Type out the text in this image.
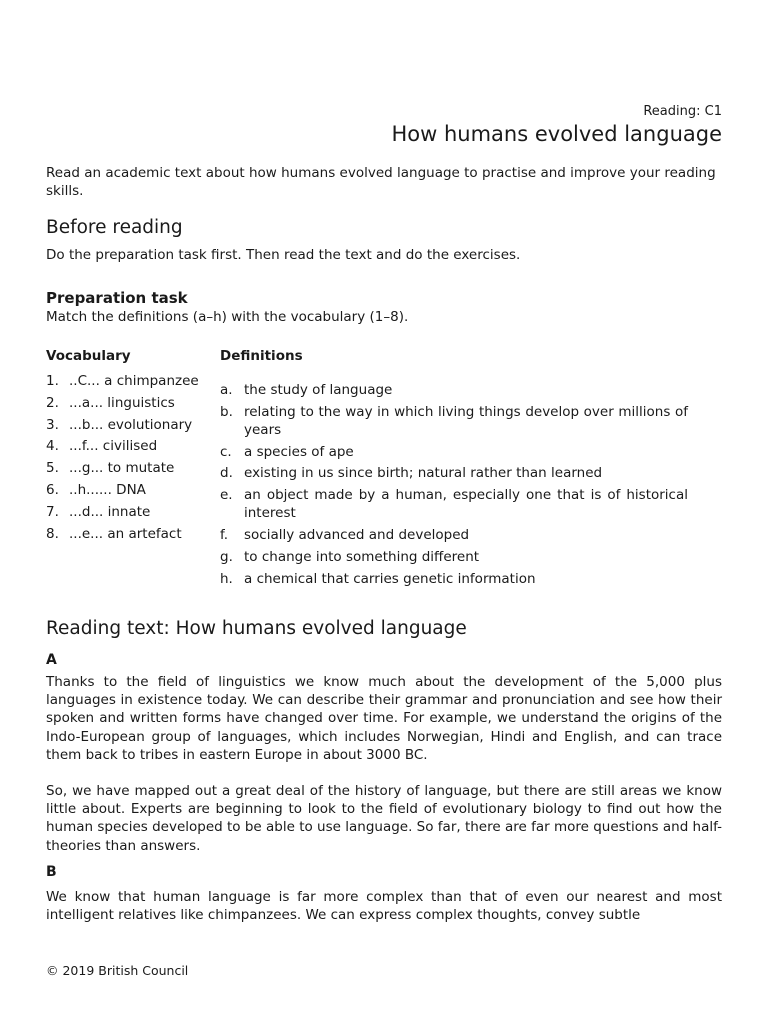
Reading: C1
How humans evolved language

Read an academic text about how humans evolved language to practise and improve your reading skills.

Before reading

Do the preparation task first. Then read the text and do the exercises.

Preparation task

Match the definitions (a–h) with the vocabulary (1–8).

Vocabulary	Definitions
1. ..C... a chimpanzee
2. ...a... linguistics
3. ...b... evolutionary
4. ...f... civilised
5. ...g... to mutate
6. ..h...... DNA
7. ...d... innate
8. ...e... an artefact
a. the study of language
b. relating to the way in which living things develop over millions of years
c. a species of ape
d. existing in us since birth; natural rather than learned
e. an object made by a human, especially one that is of historical interest
f. socially advanced and developed
g. to change into something different
h. a chemical that carries genetic information
Reading text: How humans evolved language
A

Thanks to the field of linguistics we know much about the development of the 5,000 plus languages in existence today. We can describe their grammar and pronunciation and see how their spoken and written forms have changed over time. For example, we understand the origins of the Indo-European group of languages, which includes Norwegian, Hindi and English, and can trace them back to tribes in eastern Europe in about 3000 BC.

So, we have mapped out a great deal of the history of language, but there are still areas we know little about. Experts are beginning to look to the field of evolutionary biology to find out how the human species developed to be able to use language. So far, there are far more questions and half-theories than answers.

B

We know that human language is far more complex than that of even our nearest and most intelligent relatives like chimpanzees. We can express complex thoughts, convey subtle

© 2019 British Council
